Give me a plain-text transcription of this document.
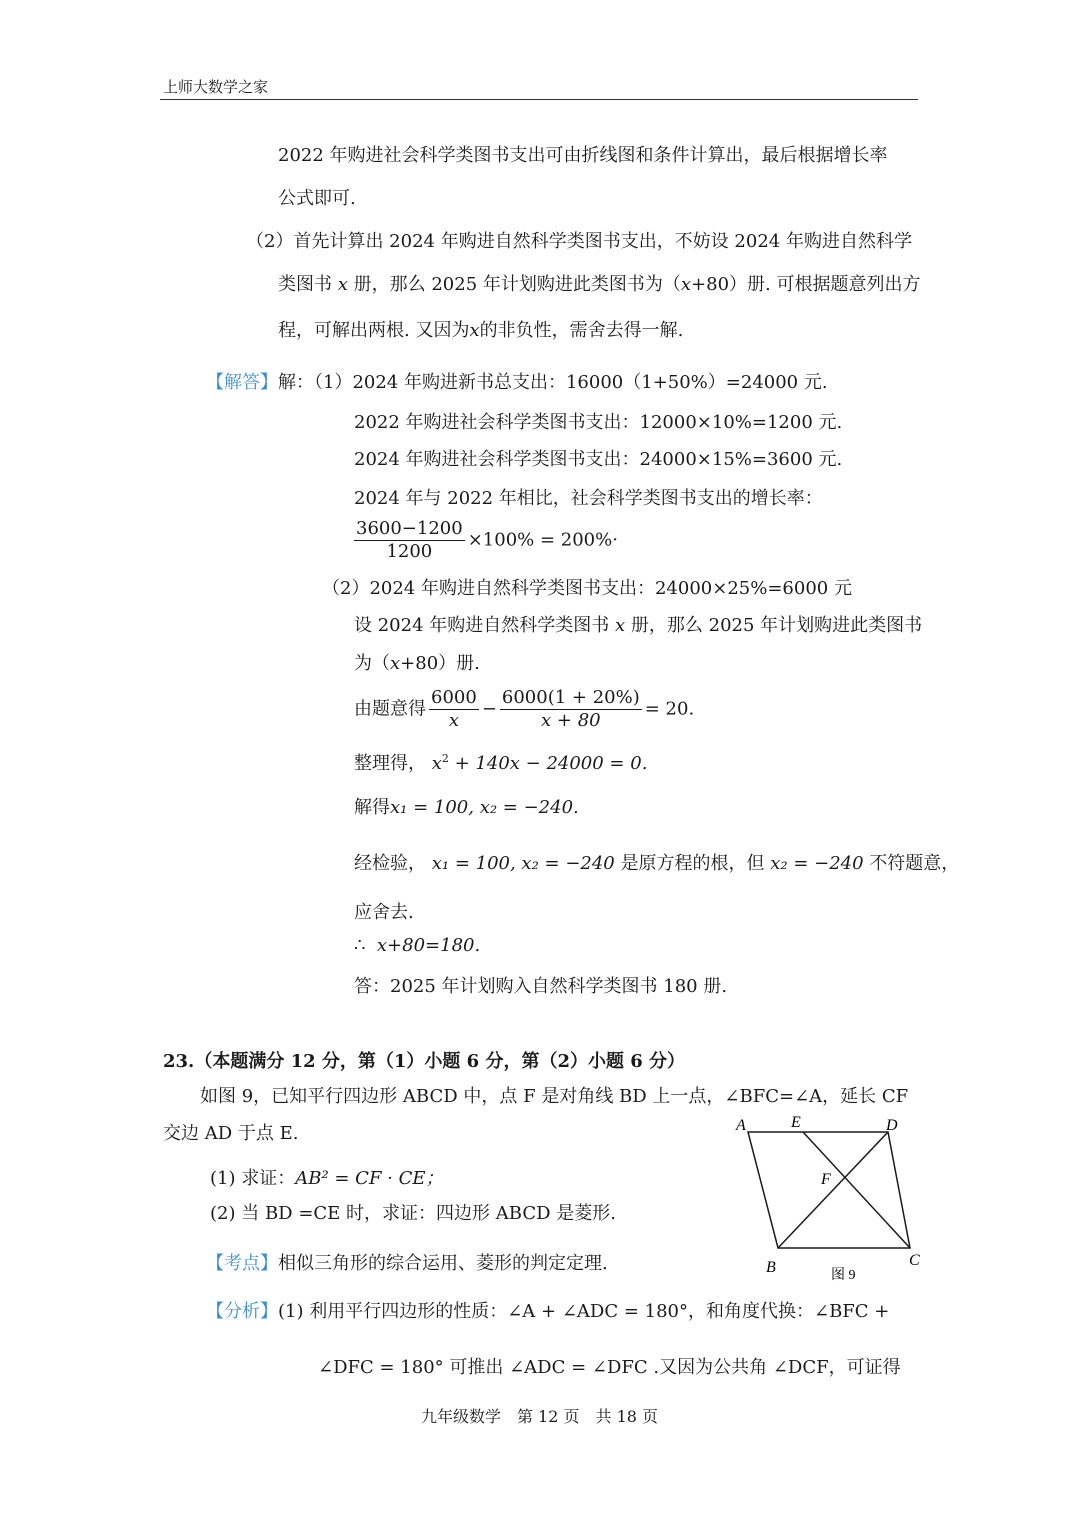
上师大数学之家
2022 年购进社会科学类图书支出可由折线图和条件计算出，最后根据增长率
公式即可.
（2）首先计算出 2024 年购进自然科学类图书支出，不妨设 2024 年购进自然科学
类图书 x 册，那么 2025 年计划购进此类图书为（x+80）册. 可根据题意列出方
程，可解出两根. 又因为x的非负性，需舍去得一解.
【解答】解：（1）2024 年购进新书总支出：16000（1+50%）=24000 元.
2022 年购进社会科学类图书支出：12000×10%=1200 元.
2024 年购进社会科学类图书支出：24000×15%=3600 元.
2024 年与 2022 年相比，社会科学类图书支出的增长率：
$\frac{3600-1200}{1200} \times 100\% = 200\%\cdot$
（2）2024 年购进自然科学类图书支出：24000×25%=6000 元
设 2024 年购进自然科学类图书 x 册，那么 2025 年计划购进此类图书
为（x+80）册.
由题意得 $\frac{6000}{x} - \frac{6000(1 + 20\%)}{x + 80} = 20$.
整理得， $x^2 + 140x - 24000 = 0$.
解得x₁ = 100, x₂ = −240.
经检验， x₁ = 100, x₂ = −240 是原方程的根，但 x₂ = −240 不符题意，
应舍去.
∴ x+80=180.
答：2025 年计划购入自然科学类图书 180 册.
23.（本题满分 12 分，第（1）小题 6 分，第（2）小题 6 分）
如图 9，已知平行四边形 ABCD 中，点 F 是对角线 BD 上一点，∠BFC=∠A，延长 CF
交边 AD 于点 E.
(1) 求证：AB² = CF · CE；
(2) 当 BD =CE 时，求证：四边形 ABCD 是菱形.
【考点】相似三角形的综合运用、菱形的判定定理.
【分析】(1) 利用平行四边形的性质：∠A + ∠ADC = 180°，和角度代换：∠BFC +
∠DFC = 180° 可推出 ∠ADC = ∠DFC .又因为公共角 ∠DCF，可证得
A	E	D
F
B	C
图 9
九年级数学　第 12 页　共 18 页
